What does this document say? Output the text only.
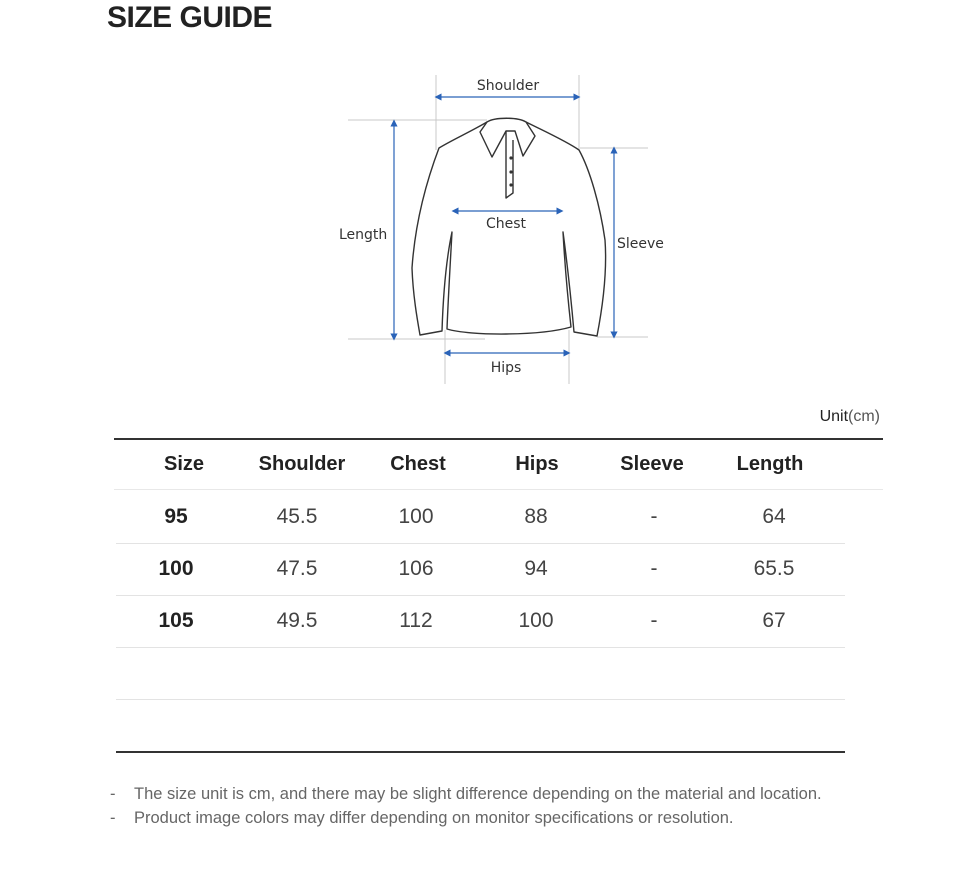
SIZE GUIDE
Shoulder
Chest
Length
Sleeve
Hips
Unit(cm)
Size	Shoulder	Chest	Hips	Sleeve	Length
95	45.5	100	88	-	64
100	47.5	106	94	-	65.5
105	49.5	112	100	-	67
- The size unit is cm, and there may be slight difference depending on the material and location.
- Product image colors may differ depending on monitor specifications or resolution.
